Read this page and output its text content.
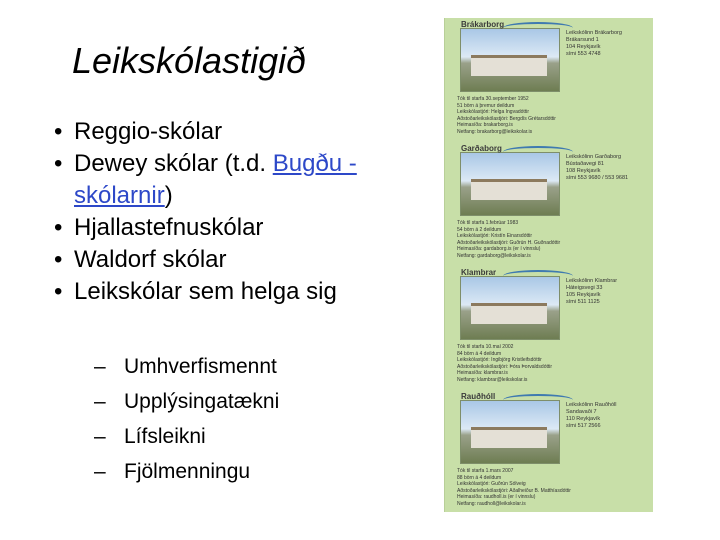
Leikskólastigið
• Reggio-skólar
• Dewey skólar (t.d. Bugðu -skólarnir)
• Hjallastefnuskólar
• Waldorf skólar
• Leikskólar sem helga sig
– Umhverfismennt
– Upplýsingatækni
– Lífsleikni
– Fjölmenningu
Brákarborg
Leikskólinn Brákarborg
Brákarsund 1
104 Reykjavík
sími 553 4748
Tók til starfa 30.september 1952
51 börn á þremur deildum
Leikskólastjóri: Helga Ingvadóttir
Aðstoðarleikskólastjóri: Bergdís Grétarsdóttir
Heimasíða: brakarborg.is
Netfang: brakarborg@leikskolar.is
Garðaborg
Leikskólinn Garðaborg
Bústaðavegi 81
108 Reykjavík
sími 553 9680 / 553 9681
Tók til starfa 1.febrúar 1983
54 börn á 2 deildum
Leikskólastjóri: Kristín Einarsdóttir
Aðstoðarleikskólastjóri: Guðrún H. Guðnadóttir
Heimasíða: gardaborg.is (er í vinnslu)
Netfang: gardaborg@leikskolar.is
Klambrar
Leikskólinn Klambrar
Háteigsvegi 33
105 Reykjavík
sími 511 1125
Tók til starfa 10.maí 2002
84 börn á 4 deildum
Leikskólastjóri: Ingibjörg Kristleifsdóttir
Aðstoðarleikskólastjóri: Þóra Þorvaldsdóttir
Heimasíða: klambrar.is
Netfang: klambrar@leikskolar.is
Rauðhóll
Leikskólinn Rauðhóll
Sandavaði 7
110 Reykjavík
sími 517 2566
Tók til starfa 1.mars 2007
88 börn á 4 deildum
Leikskólastjóri: Guðrún Sólveig
Aðstoðarleikskólastjóri: Aðalheiður B. Matthíasdóttir
Heimasíða: raudholl.is (er í vinnslu)
Netfang: raudholl@leikskolar.is
